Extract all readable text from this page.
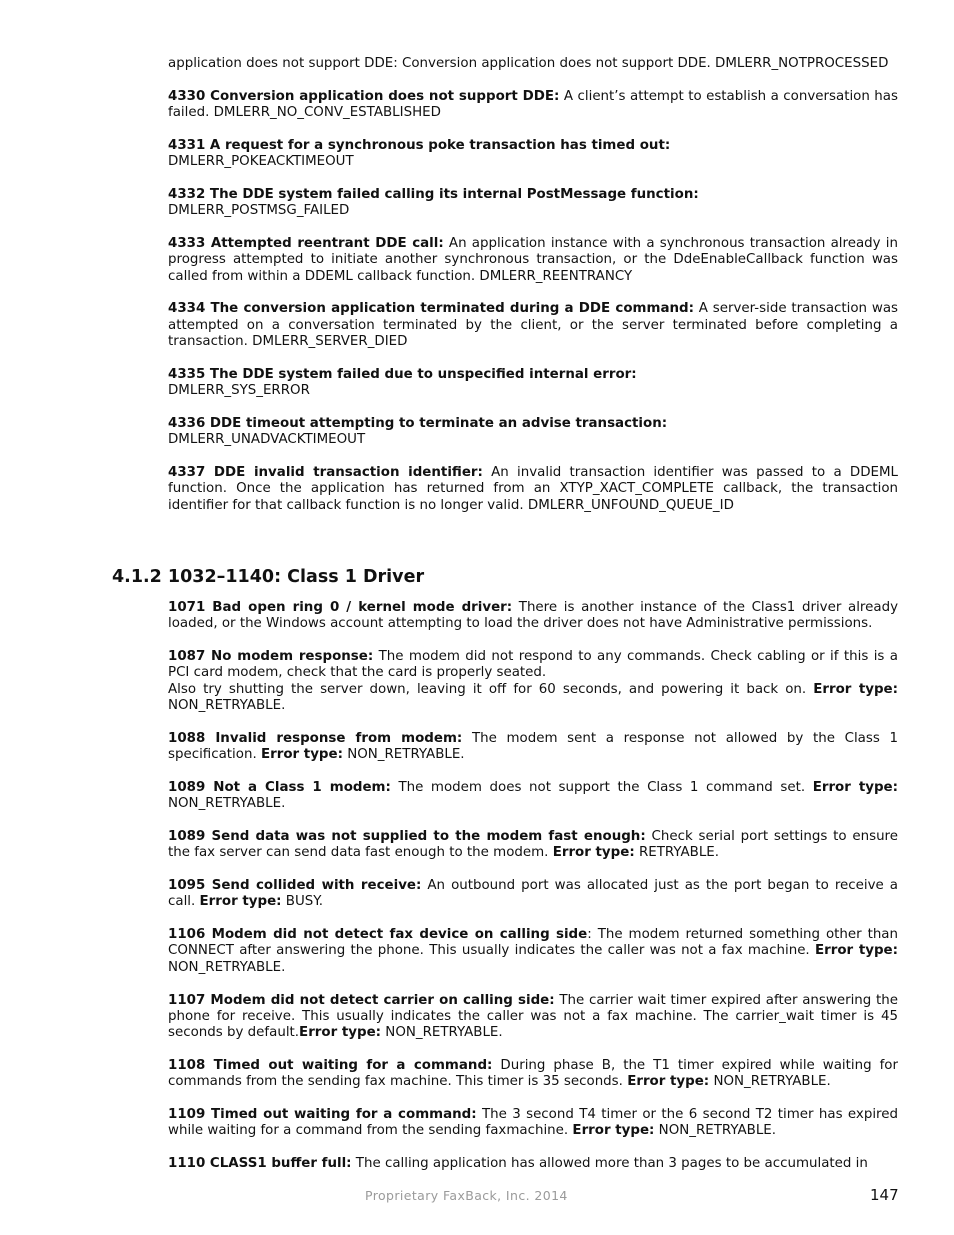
application does not support DDE: Conversion application does not support DDE. DMLERR_NOTPROCESSED

4330 Conversion application does not support DDE: A client’s attempt to establish a conversation has failed. DMLERR_NO_CONV_ESTABLISHED

4331 A request for a synchronous poke transaction has timed out:
DMLERR_POKEACKTIMEOUT

4332 The DDE system failed calling its internal PostMessage function:
DMLERR_POSTMSG_FAILED

4333 Attempted reentrant DDE call: An application instance with a synchronous transaction already in progress attempted to initiate another synchronous transaction, or the DdeEnableCallback function was called from within a DDEML callback function. DMLERR_REENTRANCY

4334 The conversion application terminated during a DDE command: A server-side transaction was attempted on a conversation terminated by the client, or the server terminated before completing a transaction. DMLERR_SERVER_DIED

4335 The DDE system failed due to unspecified internal error:
DMLERR_SYS_ERROR

4336 DDE timeout attempting to terminate an advise transaction:
DMLERR_UNADVACKTIMEOUT

4337 DDE invalid transaction identifier: An invalid transaction identifier was passed to a DDEML function. Once the application has returned from an XTYP_XACT_COMPLETE callback, the transaction identifier for that callback function is no longer valid. DMLERR_UNFOUND_QUEUE_ID

4.1.2 1032–1140: Class 1 Driver

1071 Bad open ring 0 / kernel mode driver: There is another instance of the Class1 driver already loaded, or the Windows account attempting to load the driver does not have Administrative permissions.

1087 No modem response: The modem did not respond to any commands. Check cabling or if this is a PCI card modem, check that the card is properly seated.
Also try shutting the server down, leaving it off for 60 seconds, and powering it back on. Error type: NON_RETRYABLE.

1088 Invalid response from modem: The modem sent a response not allowed by the Class 1 specification. Error type: NON_RETRYABLE.

1089 Not a Class 1 modem: The modem does not support the Class 1 command set. Error type: NON_RETRYABLE.

1089 Send data was not supplied to the modem fast enough: Check serial port settings to ensure the fax server can send data fast enough to the modem. Error type: RETRYABLE.

1095 Send collided with receive: An outbound port was allocated just as the port began to receive a call. Error type: BUSY.

1106 Modem did not detect fax device on calling side: The modem returned something other than CONNECT after answering the phone. This usually indicates the caller was not a fax machine. Error type: NON_RETRYABLE.

1107 Modem did not detect carrier on calling side: The carrier wait timer expired after answering the phone for receive. This usually indicates the caller was not a fax machine. The carrier_wait timer is 45 seconds by default.Error type: NON_RETRYABLE.

1108 Timed out waiting for a command: During phase B, the T1 timer expired while waiting for commands from the sending fax machine. This timer is 35 seconds. Error type: NON_RETRYABLE.

1109 Timed out waiting for a command: The 3 second T4 timer or the 6 second T2 timer has expired while waiting for a command from the sending faxmachine. Error type: NON_RETRYABLE.

1110 CLASS1 buffer full: The calling application has allowed more than 3 pages to be accumulated in

Proprietary FaxBack, Inc. 2014	147
